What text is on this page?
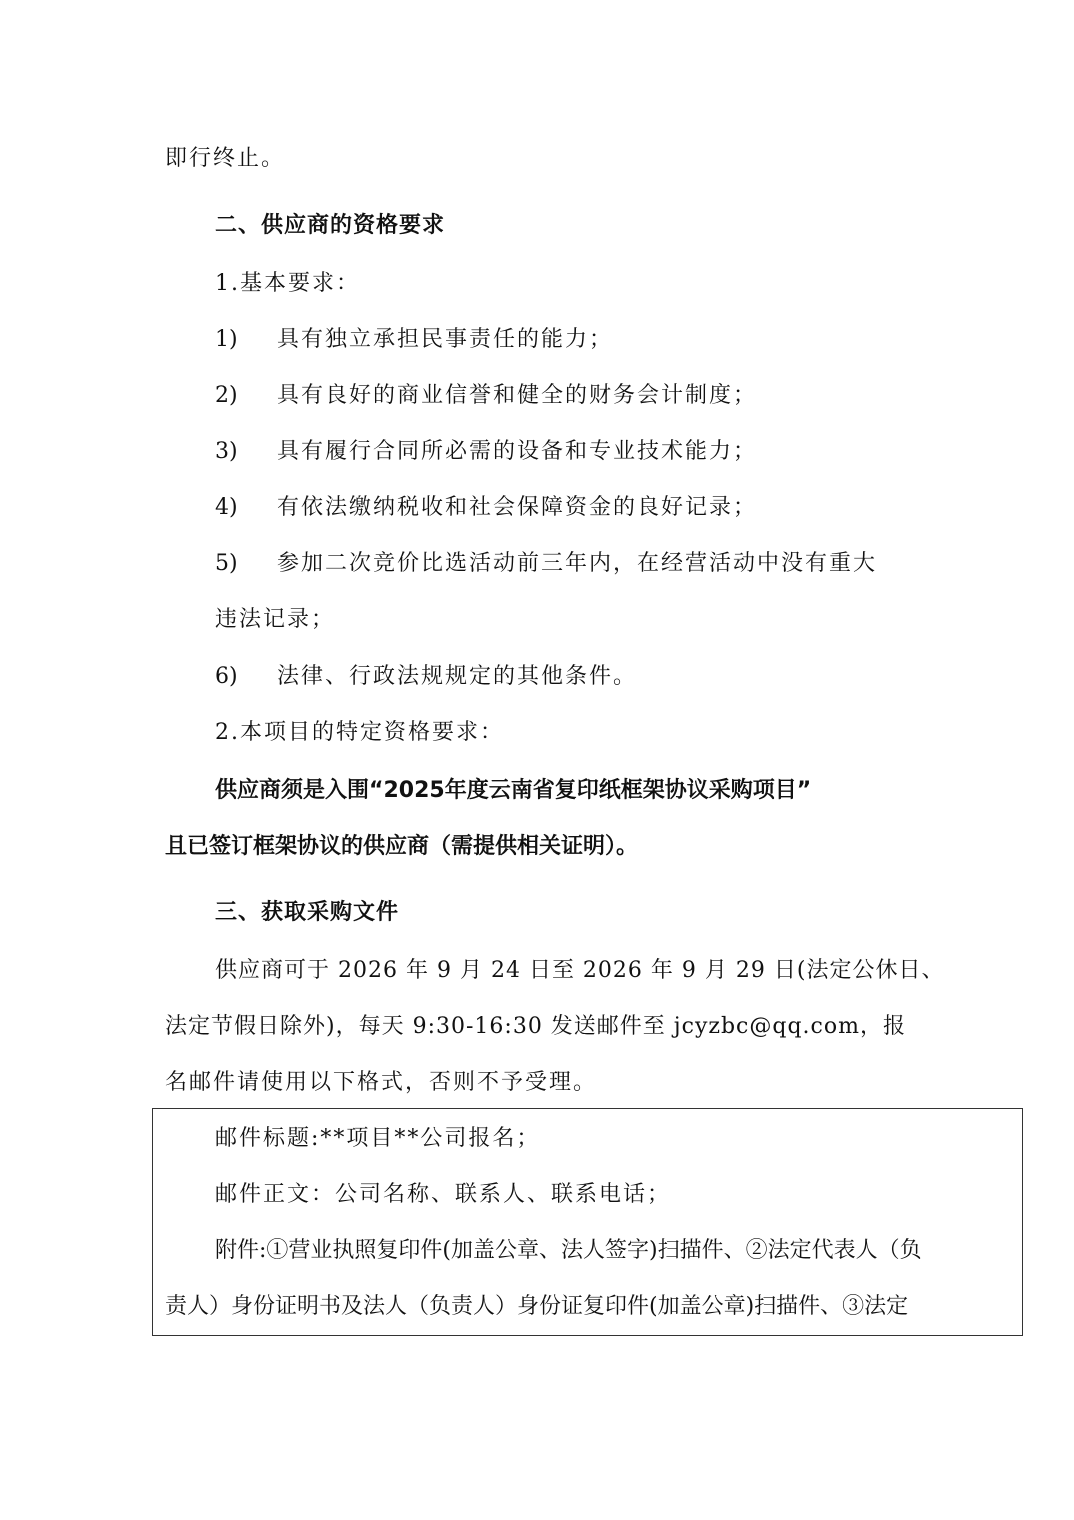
即行终止。
二、供应商的资格要求
1.基本要求：
1) 具有独立承担民事责任的能力；
2) 具有良好的商业信誉和健全的财务会计制度；
3) 具有履行合同所必需的设备和专业技术能力；
4) 有依法缴纳税收和社会保障资金的良好记录；
5) 参加二次竞价比选活动前三年内，在经营活动中没有重大
违法记录；
6) 法律、行政法规规定的其他条件。
2.本项目的特定资格要求：
供应商须是入围“2025年度云南省复印纸框架协议采购项目”
且已签订框架协议的供应商（需提供相关证明）。
三、获取采购文件
供应商可于 2026 年 9 月 24 日至 2026 年 9 月 29 日(法定公休日、
法定节假日除外)，每天 9:30-16:30 发送邮件至 jcyzbc@qq.com，报
名邮件请使用以下格式，否则不予受理。
邮件标题:**项目**公司报名；
邮件正文：公司名称、联系人、联系电话；
附件:①营业执照复印件(加盖公章、法人签字)扫描件、②法定代表人（负
责人）身份证明书及法人（负责人）身份证复印件(加盖公章)扫描件、③法定
